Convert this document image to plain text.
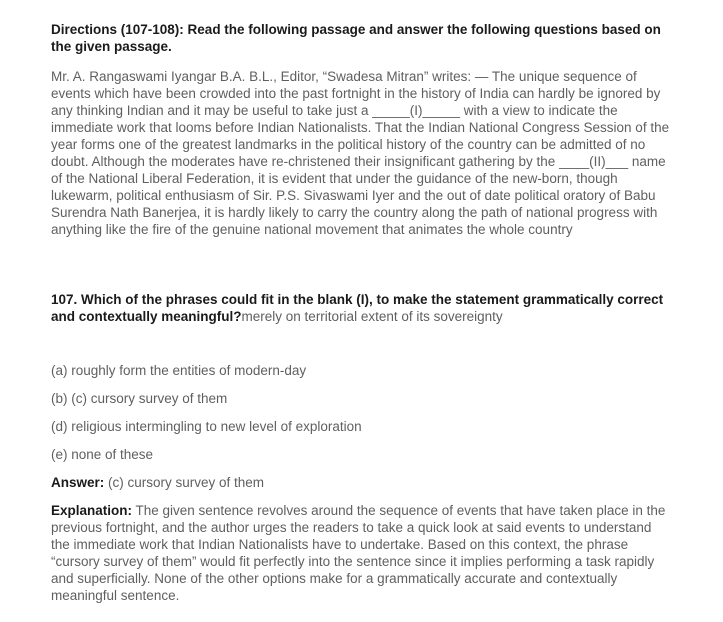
Directions (107-108): Read the following passage and answer the following questions based on the given passage.

Mr. A. Rangaswami Iyangar B.A. B.L., Editor, “Swadesa Mitran” writes: — The unique sequence of events which have been crowded into the past fortnight in the history of India can hardly be ignored by any thinking Indian and it may be useful to take just a _____(I)_____ with a view to indicate the immediate work that looms before Indian Nationalists. That the Indian National Congress Session of the year forms one of the greatest landmarks in the political history of the country can be admitted of no doubt. Although the moderates have re-christened their insignificant gathering by the ____(II)___ name of the National Liberal Federation, it is evident that under the guidance of the new-born, though lukewarm, political enthusiasm of Sir. P.S. Sivaswami Iyer and the out of date political oratory of Babu Surendra Nath Banerjea, it is hardly likely to carry the country along the path of national progress with anything like the fire of the genuine national movement that animates the whole country

107. Which of the phrases could fit in the blank (I), to make the statement grammatically correct and contextually meaningful?merely on territorial extent of its sovereignty

(a) roughly form the entities of modern-day

(b) (c) cursory survey of them

(d) religious intermingling to new level of exploration

(e) none of these

Answer: (c) cursory survey of them

Explanation: The given sentence revolves around the sequence of events that have taken place in the previous fortnight, and the author urges the readers to take a quick look at said events to understand the immediate work that Indian Nationalists have to undertake. Based on this context, the phrase “cursory survey of them” would fit perfectly into the sentence since it implies performing a task rapidly and superficially. None of the other options make for a grammatically accurate and contextually meaningful sentence.
